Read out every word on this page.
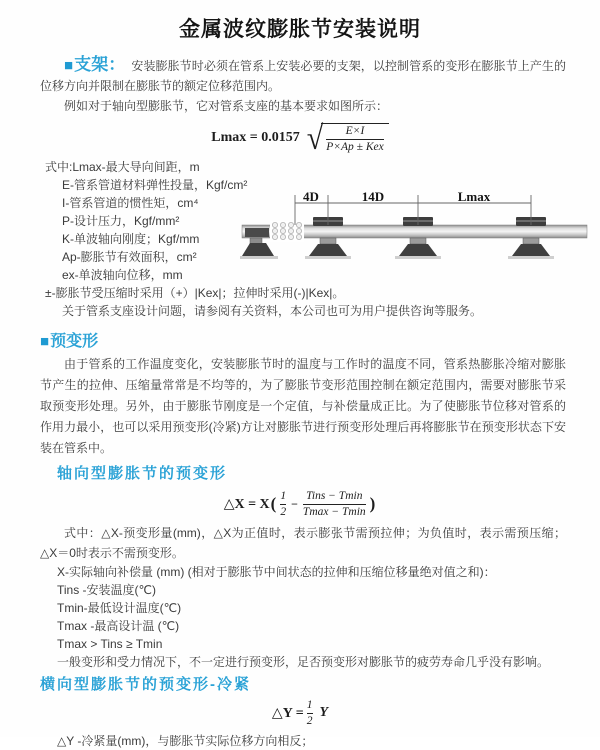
金属波纹膨胀节安装说明

■支架： 安装膨胀节时必须在管系上安装必要的支架，以控制管系的变形在膨胀节上产生的位移方向并限制在膨胀节的额定位移范围内。

例如对于轴向型膨胀节，它对管系支座的基本要求如图所示：

Lmax = 0.0157 √
$\frac{E\times I}{\text{P×Ap ± Kex}}$
式中:Lmax-最大导向间距，m
E-管系管道材料弹性投量，Kgf/cm²
I-管系管道的惯性矩，cm⁴
P-设计压力，Kgf/mm²
K-单波轴向刚度；Kgf/mm
Ap-膨胀节有效面积，cm²
ex-单波轴向位移，mm
±-膨胀节受压缩时采用（+）|Kex|；拉伸时采用(-)|Kex|。
关于管系支座设计问题，请参阅有关资料，本公司也可为用户提供咨询等服务。
4D	14D	Lmax
■预变形

由于管系的工作温度变化，安装膨胀节时的温度与工作时的温度不同，管系热膨胀冷缩对膨胀节产生的拉伸、压缩量常常是不均等的，为了膨胀节变形范围控制在额定范围内，需要对膨胀节采取预变形处理。另外，由于膨胀节刚度是一个定值，与补偿量成正比。为了使膨胀节位移对管系的作用力最小，也可以采用预变形(冷紧)方让对膨胀节进行预变形处理后再将膨胀节在预变形状态下安装在管系中。

轴向型膨胀节的预变形
△X = X ( $\frac{1}{2} - \frac{\text{Tins − Tmin}}{Tmax - Tmin}$ )

式中：△X-预变形量(mm)，△X为正值时，表示膨张节需预拉伸；为负值时，表示需预压缩；△X＝0时表示不需预变形。

X-实际轴向补偿量 (mm) (相对于膨胀节中间状态的拉伸和压缩位移量绝对值之和)：
Tins -安装温度(℃)
Tmin-最低设计温度(℃)
Tmax -最高设计温 (℃)
Tmax > Tins ≥ Tmin
一般变形和受力情况下，不一定进行预变形，足否预变形对膨胀节的疲劳寿命几乎没有影响。
横向型膨胀节的预变形-冷紧
△Y = $\frac{1}{2}$ Y
△Y -冷紧量(mm)，与膨胀节实际位移方向相反；
